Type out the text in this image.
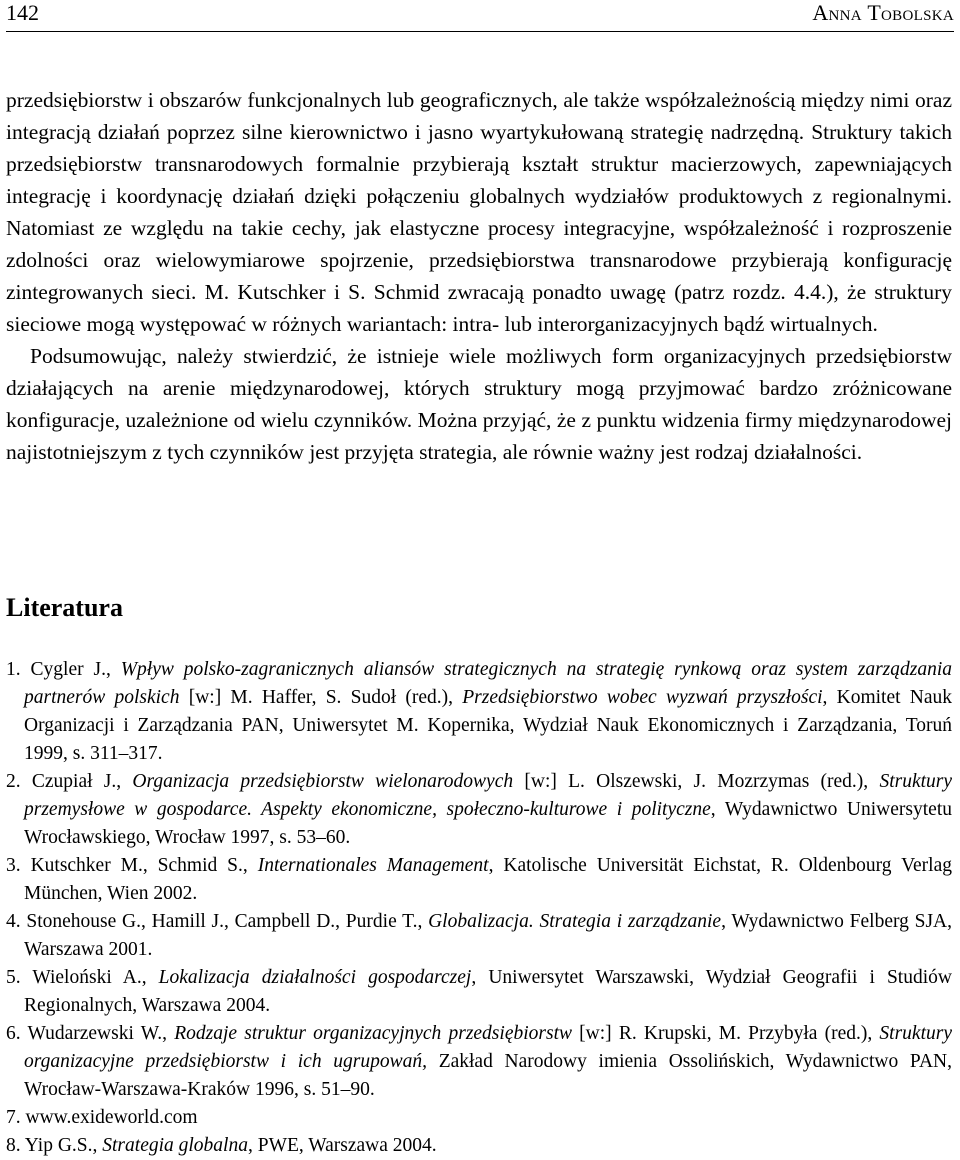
142	Anna Tobolska

przedsiębiorstw i obszarów funkcjonalnych lub geograficznych, ale także współzależnością między nimi oraz integracją działań poprzez silne kierownictwo i jasno wyartykułowaną strategię nadrzędną. Struktury takich przedsiębiorstw transnarodowych formalnie przybierają kształt struktur macierzowych, zapewniających integrację i koordynację działań dzięki połączeniu globalnych wydziałów produktowych z regionalnymi. Natomiast ze względu na takie cechy, jak elastyczne procesy integracyjne, współzależność i rozproszenie zdolności oraz wielowymiarowe spojrzenie, przedsiębiorstwa transnarodowe przybierają konfigurację zintegrowanych sieci. M. Kutschker i S. Schmid zwracają ponadto uwagę (patrz rozdz. 4.4.), że struktury sieciowe mogą występować w różnych wariantach: intra- lub interorganizacyjnych bądź wirtualnych.

Podsumowując, należy stwierdzić, że istnieje wiele możliwych form organizacyjnych przedsiębiorstw działających na arenie międzynarodowej, których struktury mogą przyjmować bardzo zróżnicowane konfiguracje, uzależnione od wielu czynników. Można przyjąć, że z punktu widzenia firmy międzynarodowej najistotniejszym z tych czynników jest przyjęta strategia, ale równie ważny jest rodzaj działalności.

Literatura
1. Cygler J., Wpływ polsko-zagranicznych aliansów strategicznych na strategię rynkową oraz system zarządzania partnerów polskich [w:] M. Haffer, S. Sudoł (red.), Przedsiębiorstwo wobec wyzwań przyszłości, Komitet Nauk Organizacji i Zarządzania PAN, Uniwersytet M. Kopernika, Wydział Nauk Ekonomicznych i Zarządzania, Toruń 1999, s. 311–317.
2. Czupiał J., Organizacja przedsiębiorstw wielonarodowych [w:] L. Olszewski, J. Mozrzymas (red.), Struktury przemysłowe w gospodarce. Aspekty ekonomiczne, społeczno-kulturowe i polityczne, Wydawnictwo Uniwersytetu Wrocławskiego, Wrocław 1997, s. 53–60.
3. Kutschker M., Schmid S., Internationales Management, Katolische Universität Eichstat, R. Oldenbourg Verlag München, Wien 2002.
4. Stonehouse G., Hamill J., Campbell D., Purdie T., Globalizacja. Strategia i zarządzanie, Wydawnictwo Felberg SJA, Warszawa 2001.
5. Wieloński A., Lokalizacja działalności gospodarczej, Uniwersytet Warszawski, Wydział Geografii i Studiów Regionalnych, Warszawa 2004.
6. Wudarzewski W., Rodzaje struktur organizacyjnych przedsiębiorstw [w:] R. Krupski, M. Przybyła (red.), Struktury organizacyjne przedsiębiorstw i ich ugrupowań, Zakład Narodowy imienia Ossolińskich, Wydawnictwo PAN, Wrocław-Warszawa-Kraków 1996, s. 51–90.
7. www.exideworld.com
8. Yip G.S., Strategia globalna, PWE, Warszawa 2004.
